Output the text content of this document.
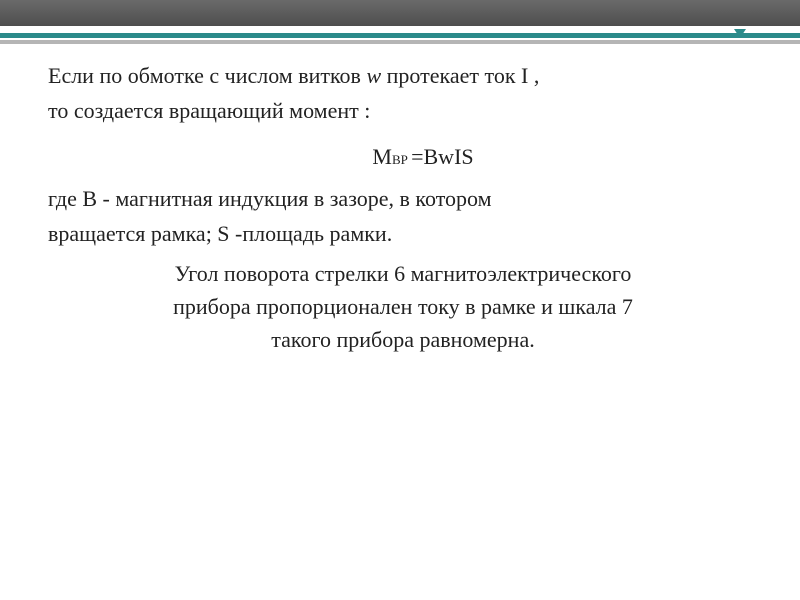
Если по обмотке с числом витков w протекает ток I ,
то создается вращающий момент :

МВР =BwIS

где B - магнитная индукция в зазоре, в котором
вращается рамка; S -площадь рамки.

Угол поворота стрелки 6 магнитоэлектрического
прибора пропорционален току в рамке и шкала 7
такого прибора равномерна.
